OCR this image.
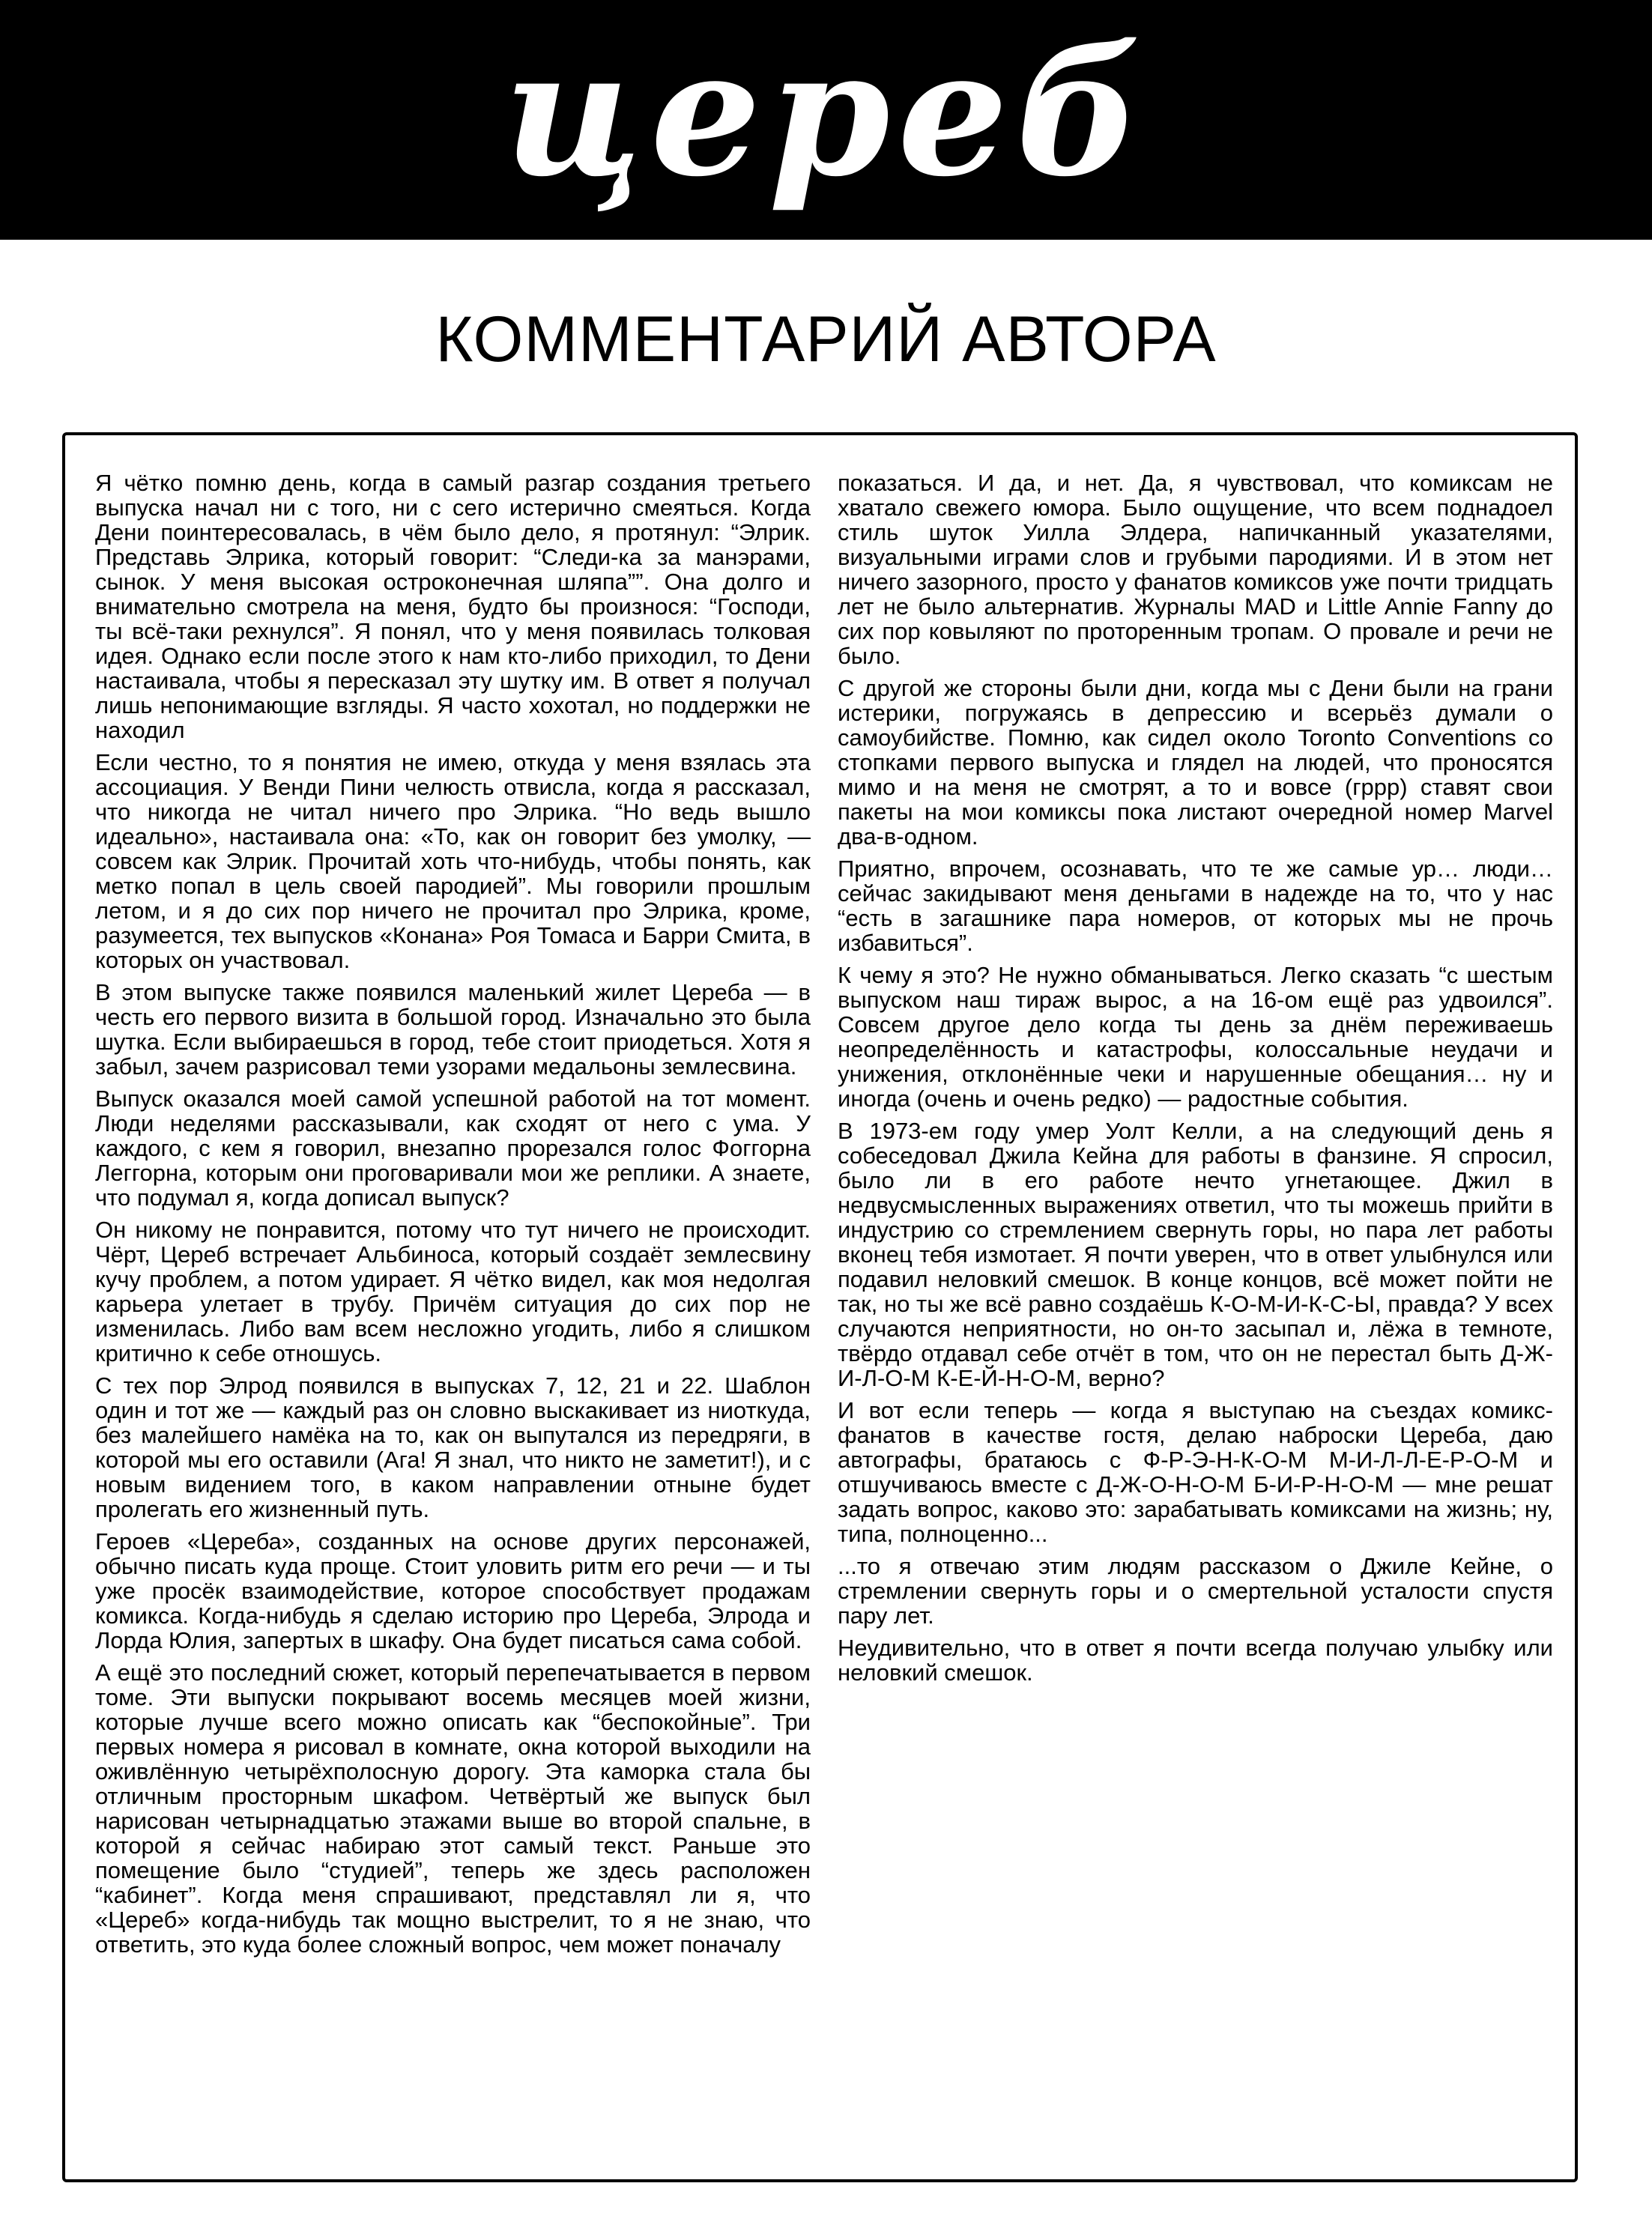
церeб
КОММЕНТАРИЙ АВТОРА

Я чётко помню день, когда в самый разгар создания третьего выпуска начал ни с того, ни с сего истерично смеяться. Когда Дени поинтересовалась, в чём было дело, я протянул: “Элрик. Представь Элрика, который говорит: “Следи-ка за манэрами, сынок. У меня высокая остроконечная шляпа””. Она долго и внимательно смотрела на меня, будто бы произнося: “Господи, ты всё-таки рехнулся”. Я понял, что у меня появилась толковая идея. Однако если после этого к нам кто-либо приходил, то Дени настаивала, чтобы я пересказал эту шутку им. В ответ я получал лишь непонимающие взгляды. Я часто хохотал, но поддержки не находил

Если честно, то я понятия не имею, откуда у меня взялась эта ассоциация. У Венди Пини челюсть отвисла, когда я рассказал, что никогда не читал ничего про Элрика. “Но ведь вышло идеально», настаивала она: «То, как он говорит без умолку, — совсем как Элрик. Прочитай хоть что-нибудь, чтобы понять, как метко попал в цель своей пародией”. Мы говорили прошлым летом, и я до сих пор ничего не прочитал про Элрика, кроме, разумеется, тех выпусков «Конана» Роя Томаса и Барри Смита, в которых он участвовал.

В этом выпуске также появился маленький жилет Цереба — в честь его первого визита в большой город. Изначально это была шутка. Если выбираешься в город, тебе стоит приодеться. Хотя я забыл, зачем разрисовал теми узорами медальоны землесвина.

Выпуск оказался моей самой успешной работой на тот момент. Люди неделями рассказывали, как сходят от него с ума. У каждого, с кем я говорил, внезапно прорезался голос Фоггорна Леггорна, которым они проговаривали мои же реплики. А знаете, что подумал я, когда дописал выпуск?

Он никому не понравится, потому что тут ничего не происходит. Чёрт, Цереб встречает Альбиноса, который создаёт землесвину кучу проблем, а потом удирает. Я чётко видел, как моя недолгая карьера улетает в трубу. Причём ситуация до сих пор не изменилась. Либо вам всем несложно угодить, либо я слишком критично к себе отношусь.

С тех пор Элрод появился в выпусках 7, 12, 21 и 22. Шаблон один и тот же — каждый раз он словно выскакивает из ниоткуда, без малейшего намёка на то, как он выпутался из передряги, в которой мы его оставили (Ага! Я знал, что никто не заметит!), и с новым видением того, в каком направлении отныне будет пролегать его жизненный путь.

Героев «Цереба», созданных на основе других персонажей, обычно писать куда проще. Стоит уловить ритм его речи — и ты уже просёк взаимодействие, которое способствует продажам комикса. Когда-нибудь я сделаю историю про Цереба, Элрода и Лорда Юлия, запертых в шкафу. Она будет писаться сама собой.

А ещё это последний сюжет, который перепечатывается в первом томе. Эти выпуски покрывают восемь месяцев моей жизни, которые лучше всего можно описать как “беспокойные”. Три первых номера я рисовал в комнате, окна которой выходили на оживлённую четырёхполосную дорогу. Эта каморка стала бы отличным просторным шкафом. Четвёртый же выпуск был нарисован четырнадцатью этажами выше во второй спальне, в которой я сейчас набираю этот самый текст. Раньше это помещение было “студией”, теперь же здесь расположен “кабинет”. Когда меня спрашивают, представлял ли я, что «Цереб» когда-нибудь так мощно выстрелит, то я не знаю, что ответить, это куда более сложный вопрос, чем может поначалу

показаться. И да, и нет. Да, я чувствовал, что комиксам не хватало свежего юмора. Было ощущение, что всем поднадоел стиль шуток Уилла Элдера, напичканный указателями, визуальными играми слов и грубыми пародиями. И в этом нет ничего зазорного, просто у фанатов комиксов уже почти тридцать лет не было альтернатив. Журналы MAD и Little Annie Fanny до сих пор ковыляют по проторенным тропам. О провале и речи не было.

С другой же стороны были дни, когда мы с Дени были на грани истерики, погружаясь в депрессию и всерьёз думали о самоубийстве. Помню, как сидел около Toronto Conventions со стопками первого выпуска и глядел на людей, что проносятся мимо и на меня не смотрят, а то и вовсе (гррр) ставят свои пакеты на мои комиксы пока листают очередной номер Marvel два-в-одном.

Приятно, впрочем, осознавать, что те же самые ур… люди… сейчас закидывают меня деньгами в надежде на то, что у нас “есть в загашнике пара номеров, от которых мы не прочь избавиться”.

К чему я это? Не нужно обманываться. Легко сказать “с шестым выпуском наш тираж вырос, а на 16-ом ещё раз удвоился”. Совсем другое дело когда ты день за днём переживаешь неопределённость и катастрофы, колоссальные неудачи и унижения, отклонённые чеки и нарушенные обещания… ну и иногда (очень и очень редко) — радостные события.

В 1973-ем году умер Уолт Келли, а на следующий день я собеседовал Джила Кейна для работы в фанзине. Я спросил, было ли в его работе нечто угнетающее. Джил в недвусмысленных выражениях ответил, что ты можешь прийти в индустрию со стремлением свернуть горы, но пара лет работы вконец тебя измотает. Я почти уверен, что в ответ улыбнулся или подавил неловкий смешок. В конце концов, всё может пойти не так, но ты же всё равно создаёшь К-О-М-И-К-С-Ы, правда? У всех случаются неприятности, но он-то засыпал и, лёжа в темноте, твёрдо отдавал себе отчёт в том, что он не перестал быть Д-Ж-И-Л-О-М К-Е-Й-Н-О-М, верно?

И вот если теперь — когда я выступаю на съездах комикс-фанатов в качестве гостя, делаю наброски Цереба, даю автографы, братаюсь с Ф-Р-Э-Н-К-О-М М-И-Л-Л-Е-Р-О-М и отшучиваюсь вместе с Д-Ж-О-Н-О-М Б-И-Р-Н-О-М — мне решат задать вопрос, каково это: зарабатывать комиксами на жизнь; ну, типа, полноценно...

...то я отвечаю этим людям рассказом о Джиле Кейне, о стремлении свернуть горы и о смертельной усталости спустя пару лет.

Неудивительно, что в ответ я почти всегда получаю улыбку или неловкий смешок.
